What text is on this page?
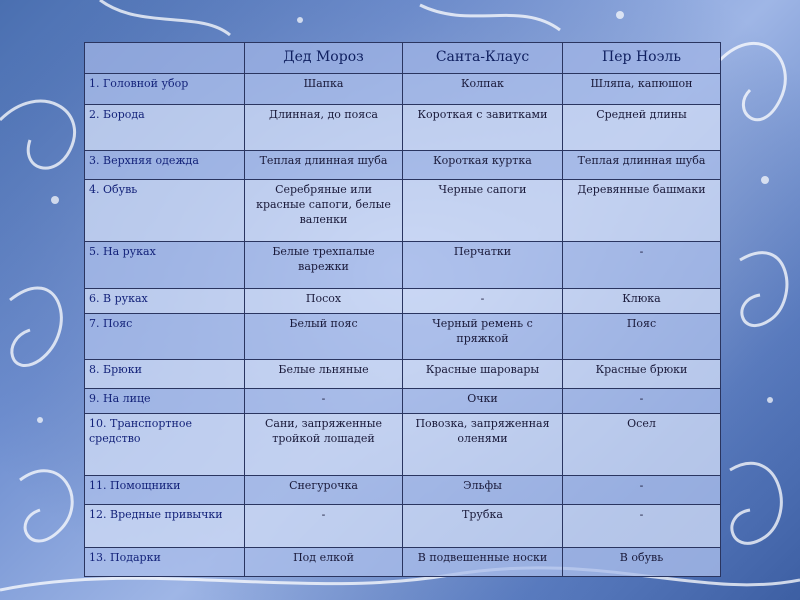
	Дед Мороз	Санта-Клаус	Пер Ноэль
1. Головной убор	Шапка	Колпак	Шляпа, капюшон
2. Борода	Длинная, до пояса	Короткая с завитками	Средней длины
3. Верхняя одежда	Теплая длинная шуба	Короткая куртка	Теплая длинная шуба
4. Обувь	Серебряные или красные сапоги, белые валенки	Черные сапоги	Деревянные башмаки
5. На руках	Белые трехпалые варежки	Перчатки	-
6. В руках	Посох	-	Клюка
7. Пояс	Белый пояс	Черный ремень с пряжкой	Пояс
8. Брюки	Белые льняные	Красные шаровары	Красные брюки
9. На лице	-	Очки	-
10. Транспортное средство	Сани, запряженные тройкой лошадей	Повозка, запряженная оленями	Осел
11. Помощники	Снегурочка	Эльфы	-
12. Вредные привычки	-	Трубка	-
13. Подарки	Под елкой	В подвешенные носки	В обувь
